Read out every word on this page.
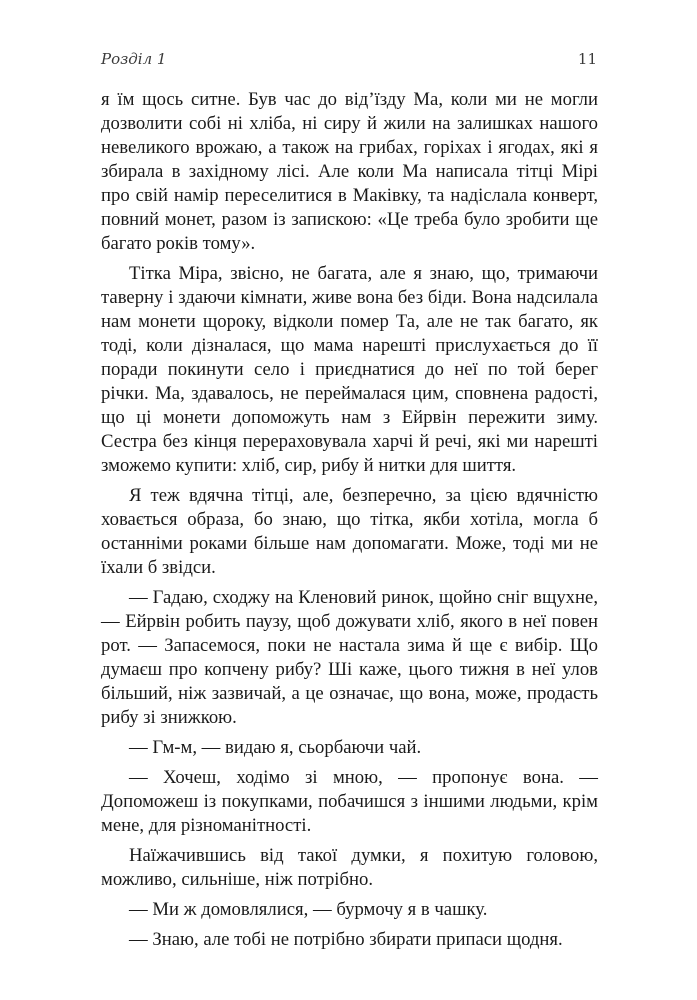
Розділ 1	11

я їм щось ситне. Був час до від’їзду Ма, коли ми не могли дозволити собі ні хліба, ні сиру й жили на залишках нашого невеликого врожаю, а також на грибах, горіхах і ягодах, які я збирала в західному лісі. Але коли Ма написала тітці Мірі про свій намір переселитися в Маківку, та надіслала конверт, повний монет, разом із запискою: «Це треба було зробити ще багато років тому».

Тітка Міра, звісно, не багата, але я знаю, що, тримаючи таверну і здаючи кімнати, живе вона без біди. Вона надсилала нам монети щороку, відколи помер Та, але не так багато, як тоді, коли дізналася, що мама нарешті прислухається до її поради покинути село і приєднатися до неї по той берег річки. Ма, здавалось, не переймалася цим, сповнена радості, що ці монети допоможуть нам з Ейрвін пережити зиму. Сестра без кінця перераховувала харчі й речі, які ми нарешті зможемо купити: хліб, сир, рибу й нитки для шиття.

Я теж вдячна тітці, але, безперечно, за цією вдячністю ховається образа, бо знаю, що тітка, якби хотіла, могла б останніми роками більше нам допомагати. Може, тоді ми не їхали б звідси.

— Гадаю, сходжу на Кленовий ринок, щойно сніг вщухне, — Ейрвін робить паузу, щоб дожувати хліб, якого в неї повен рот. — Запасемося, поки не настала зима й ще є вибір. Що думаєш про копчену рибу? Ші каже, цього тижня в неї улов більший, ніж зазвичай, а це означає, що вона, може, продасть рибу зі знижкою.

— Гм-м, — видаю я, сьорбаючи чай.

— Хочеш, ходімо зі мною, — пропонує вона. — Допоможеш із покупками, побачишся з іншими людьми, крім мене, для різноманітності.

Наїжачившись від такої думки, я похитую головою, можливо, сильніше, ніж потрібно.

— Ми ж домовлялися, — бурмочу я в чашку.

— Знаю, але тобі не потрібно збирати припаси щодня.
